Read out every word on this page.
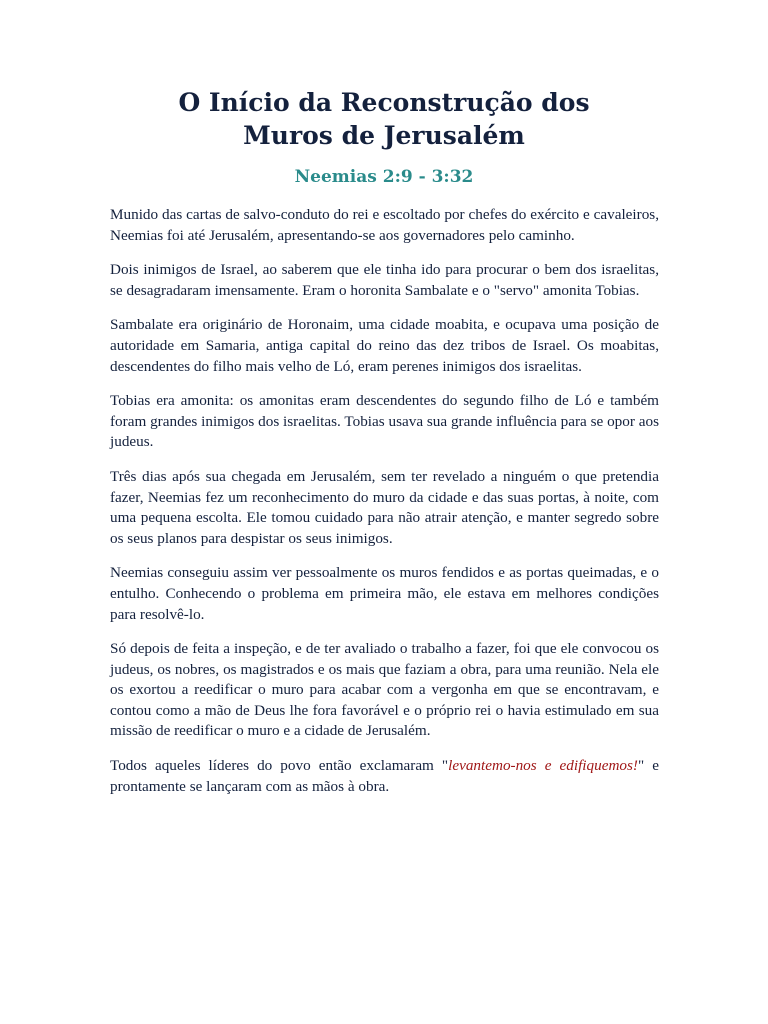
O Início da Reconstrução dos
Muros de Jerusalém
Neemias 2:9 - 3:32

Munido das cartas de salvo-conduto do rei e escoltado por chefes do exército e cavaleiros, Neemias foi até Jerusalém, apresentando-se aos governadores pelo caminho.

Dois inimigos de Israel, ao saberem que ele tinha ido para procurar o bem dos israelitas, se desagradaram imensamente. Eram o horonita Sambalate e o "servo" amonita Tobias.

Sambalate era originário de Horonaim, uma cidade moabita, e ocupava uma posição de autoridade em Samaria, antiga capital do reino das dez tribos de Israel. Os moabitas, descendentes do filho mais velho de Ló, eram perenes inimigos dos israelitas.

Tobias era amonita: os amonitas eram descendentes do segundo filho de Ló e também foram grandes inimigos dos israelitas. Tobias usava sua grande influência para se opor aos judeus.

Três dias após sua chegada em Jerusalém, sem ter revelado a ninguém o que pretendia fazer, Neemias fez um reconhecimento do muro da cidade e das suas portas, à noite, com uma pequena escolta. Ele tomou cuidado para não atrair atenção, e manter segredo sobre os seus planos para despistar os seus inimigos.

Neemias conseguiu assim ver pessoalmente os muros fendidos e as portas queimadas, e o entulho. Conhecendo o problema em primeira mão, ele estava em melhores condições para resolvê-lo.

Só depois de feita a inspeção, e de ter avaliado o trabalho a fazer, foi que ele convocou os judeus, os nobres, os magistrados e os mais que faziam a obra, para uma reunião. Nela ele os exortou a reedificar o muro para acabar com a vergonha em que se encontravam, e contou como a mão de Deus lhe fora favorável e o próprio rei o havia estimulado em sua missão de reedificar o muro e a cidade de Jerusalém.

Todos aqueles líderes do povo então exclamaram "levantemo-nos e edifiquemos!" e prontamente se lançaram com as mãos à obra.
